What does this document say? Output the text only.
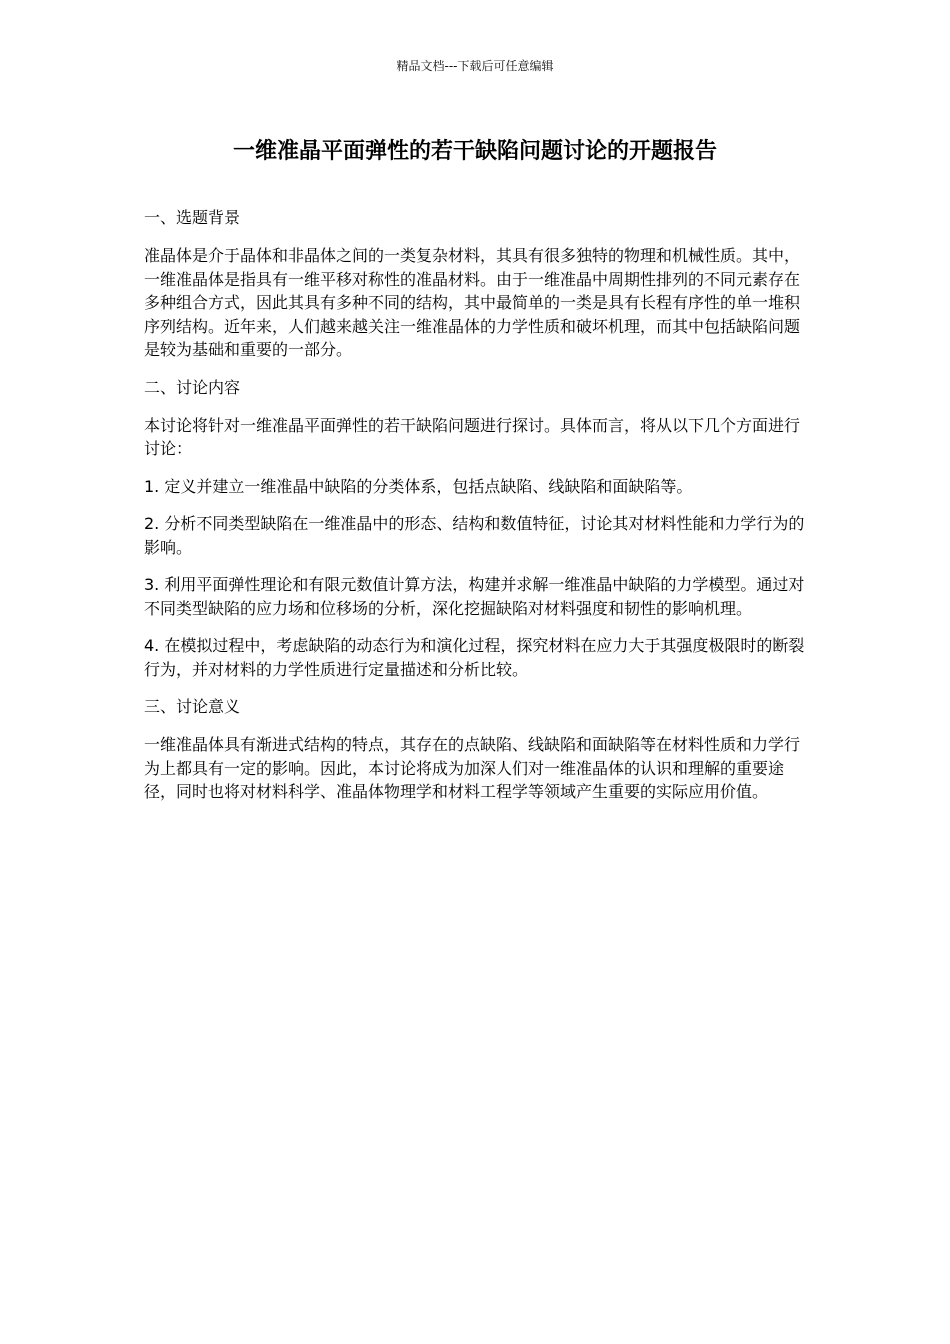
精品文档---下载后可任意编辑
一维准晶平面弹性的若干缺陷问题讨论的开题报告
一、选题背景

准晶体是介于晶体和非晶体之间的一类复杂材料，其具有很多独特的物理和机械性质。其中，一维准晶体是指具有一维平移对称性的准晶材料。由于一维准晶中周期性排列的不同元素存在多种组合方式，因此其具有多种不同的结构，其中最简单的一类是具有长程有序性的单一堆积序列结构。近年来，人们越来越关注一维准晶体的力学性质和破坏机理，而其中包括缺陷问题是较为基础和重要的一部分。

二、讨论内容

本讨论将针对一维准晶平面弹性的若干缺陷问题进行探讨。具体而言，将从以下几个方面进行讨论：

1. 定义并建立一维准晶中缺陷的分类体系，包括点缺陷、线缺陷和面缺陷等。

2. 分析不同类型缺陷在一维准晶中的形态、结构和数值特征，讨论其对材料性能和力学行为的影响。

3. 利用平面弹性理论和有限元数值计算方法，构建并求解一维准晶中缺陷的力学模型。通过对不同类型缺陷的应力场和位移场的分析，深化挖掘缺陷对材料强度和韧性的影响机理。

4. 在模拟过程中，考虑缺陷的动态行为和演化过程，探究材料在应力大于其强度极限时的断裂行为，并对材料的力学性质进行定量描述和分析比较。

三、讨论意义

一维准晶体具有渐进式结构的特点，其存在的点缺陷、线缺陷和面缺陷等在材料性质和力学行为上都具有一定的影响。因此，本讨论将成为加深人们对一维准晶体的认识和理解的重要途径，同时也将对材料科学、准晶体物理学和材料工程学等领域产生重要的实际应用价值。
